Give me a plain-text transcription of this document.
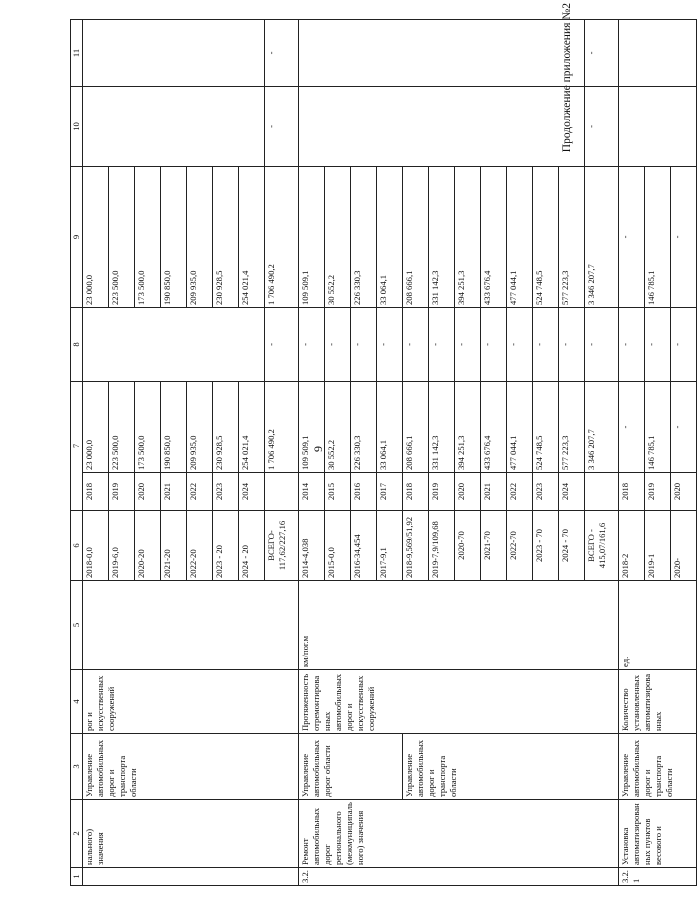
9
Продолжение приложения №2
1	2	3	4	5	6	7		8	9	10	11
	нального) значения	Управление автомобильных дорог и транспорта области	рог и искусственных сооружений		2018-0,0	2018	23 000,0		23 000,0		
					2019-6,0	2019	223 500,0		223 500,0		
					2020-20	2020	173 500,0		173 500,0		
					2021-20	2021	190 850,0		190 850,0		
					2022-20	2022	209 935,0		209 935,0		
					2023 - 20	2023	230 928,5		230 928,5		
					2024 - 20	2024	254 021,4		254 021,4		
					ВСЕГО- 117,62/227,16		1 706 490,2	-	1 706 490,2	-	-
3.2.	Ремонт автомобильных дорог регионального (межмуниципального) значения	Управление автомобильных дорог области	Протяженность отремонтированных автомобильных дорог и искусственных сооружений	км/пог.м	2014-4,038	2014	109 509,1	-	109 509,1		
					2015-0,0	2015	30 552,2	-	30 552,2		
					2016-34,454	2016	226 330,3	-	226 330,3		
					2017-9,1	2017	33 064,1	-	33 064,1		
		Управление автомобильных дорог и транспорта области			2018-9,569/51,92	2018	208 666,1	-	208 666,1		
					2019-7,9/109,68	2019	331 142,3	-	331 142,3		
					2020-70	2020	394 251,3	-	394 251,3		
					2021-70	2021	433 676,4	-	433 676,4		
					2022-70	2022	477 044,1	-	477 044,1		
					2023 - 70	2023	524 748,5	-	524 748,5		
					2024 - 70	2024	577 223,3	-	577 223,3		
					ВСЕГО - 415,07/161,6		3 346 207,7	-	3 346 207,7	-	-
3.2.1	Установка автоматизированных пунктов весового и	Управление автомобильных дорог и транспорта области	Количество установленных автоматизированных	ед.	2018-2	2018	-	-	-		
					2019-1	2019	146 785,1	-	146 785,1		
					2020-	2020	-	-	-		
